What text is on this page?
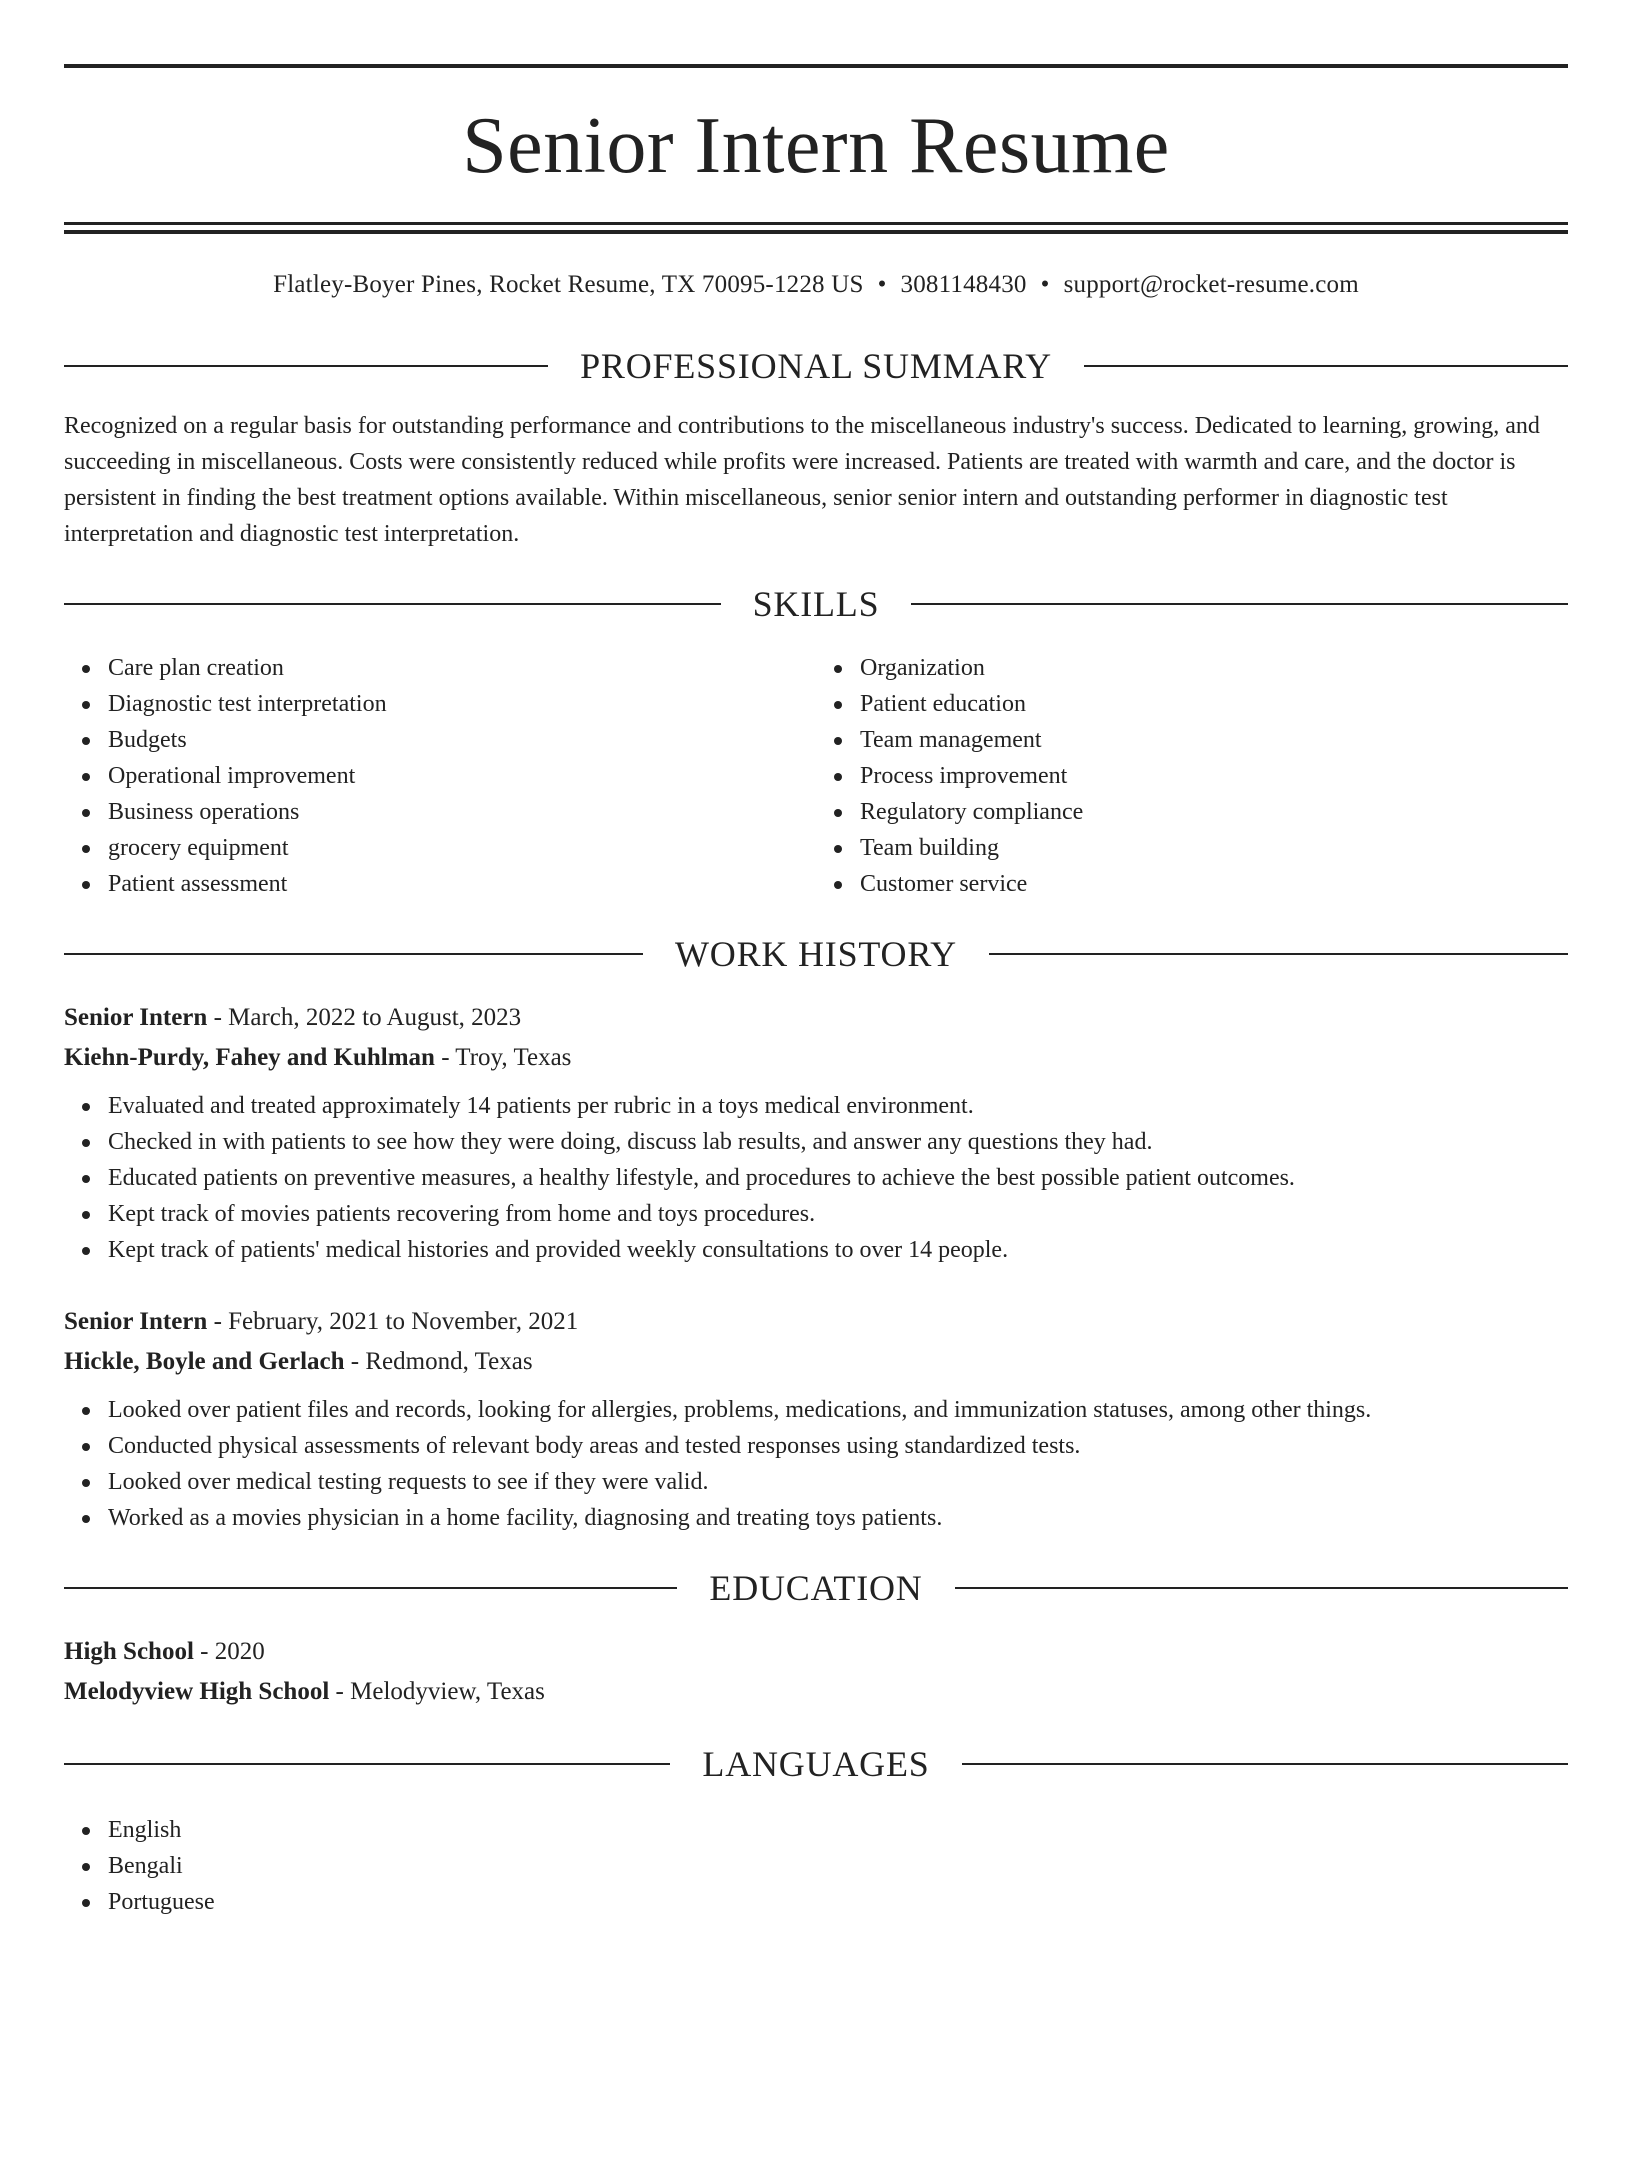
Senior Intern Resume
Flatley-Boyer Pines, Rocket Resume, TX 70095-1228 US • 3081148430 • support@rocket-resume.com
PROFESSIONAL SUMMARY
Recognized on a regular basis for outstanding performance and contributions to the miscellaneous industry's success. Dedicated to learning, growing, and succeeding in miscellaneous. Costs were consistently reduced while profits were increased. Patients are treated with warmth and care, and the doctor is persistent in finding the best treatment options available. Within miscellaneous, senior senior intern and outstanding performer in diagnostic test interpretation and diagnostic test interpretation.
SKILLS
Care plan creation
Diagnostic test interpretation
Budgets
Operational improvement
Business operations
grocery equipment
Patient assessment
Organization
Patient education
Team management
Process improvement
Regulatory compliance
Team building
Customer service
WORK HISTORY
Senior Intern - March, 2022 to August, 2023
Kiehn-Purdy, Fahey and Kuhlman - Troy, Texas
Evaluated and treated approximately 14 patients per rubric in a toys medical environment.
Checked in with patients to see how they were doing, discuss lab results, and answer any questions they had.
Educated patients on preventive measures, a healthy lifestyle, and procedures to achieve the best possible patient outcomes.
Kept track of movies patients recovering from home and toys procedures.
Kept track of patients' medical histories and provided weekly consultations to over 14 people.
Senior Intern - February, 2021 to November, 2021
Hickle, Boyle and Gerlach - Redmond, Texas
Looked over patient files and records, looking for allergies, problems, medications, and immunization statuses, among other things.
Conducted physical assessments of relevant body areas and tested responses using standardized tests.
Looked over medical testing requests to see if they were valid.
Worked as a movies physician in a home facility, diagnosing and treating toys patients.
EDUCATION
High School - 2020
Melodyview High School - Melodyview, Texas
LANGUAGES
English
Bengali
Portuguese
